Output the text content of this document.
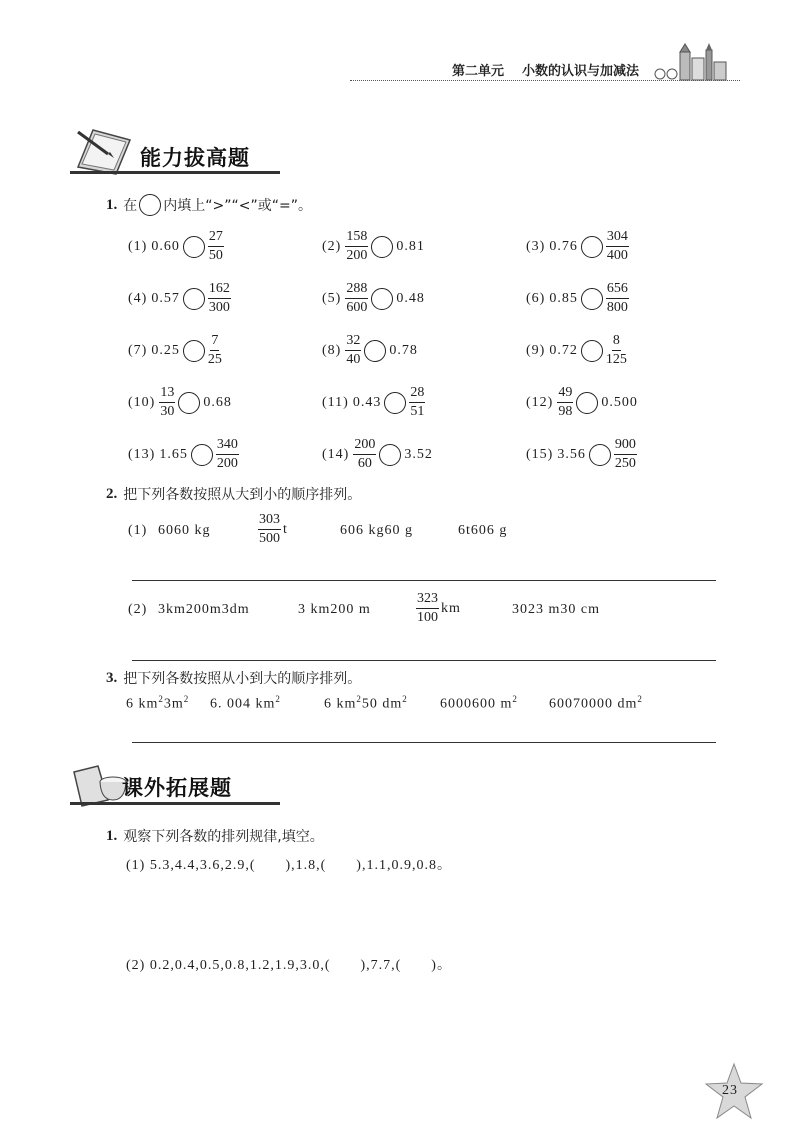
第二单元 小数的认识与加减法
能力拔高题
1. 在 内填上“>”“<”或“=”。
(1) $0.60 \frac{27}{50}$	$(2) \frac{158}{200} 0.81$	(3) $0.76 \frac{304}{400}$
(4) $0.57 \frac{162}{300}$	$(5) \frac{288}{600} 0.48$	(6) $0.85 \frac{656}{800}$
(7) $0.25 \frac{7}{25}$	$(8) \frac{32}{40} 0.78$	(9) $0.72 \frac{8}{125}$
$(10) \frac{13}{30} 0.68$	(11) $0.43 \frac{28}{51}$	$(12) \frac{49}{98} 0.500$
(13) $1.65 \frac{340}{200}$	$(14) \frac{200}{60} 3.52$	(15) $3.56 \frac{900}{250}$
2. 把下列各数按照从大到小的顺序排列。
(1) 6060 kg	$\frac{303}{500}$ t	606 kg60 g	6t606 g
(2) 3km200m3dm	3 km200 m	$\frac{323}{100}$ km	3023 m30 cm
3. 把下列各数按照从小到大的顺序排列。
6 $km^23m^2$ 6. 004 $km^2$	6 $km^250$ $dm^2$ 6000600 $m^2$ 60070000 $dm^2$
课外拓展题
1. 观察下列各数的排列规律,填空。
(1) 5.3,4.4,3.6,2.9,(　　),1.8,(　　),1.1,0.9,0.8。
(2) 0.2,0.4,0.5,0.8,1.2,1.9,3.0,(　　),7.7,(　　)。
23
